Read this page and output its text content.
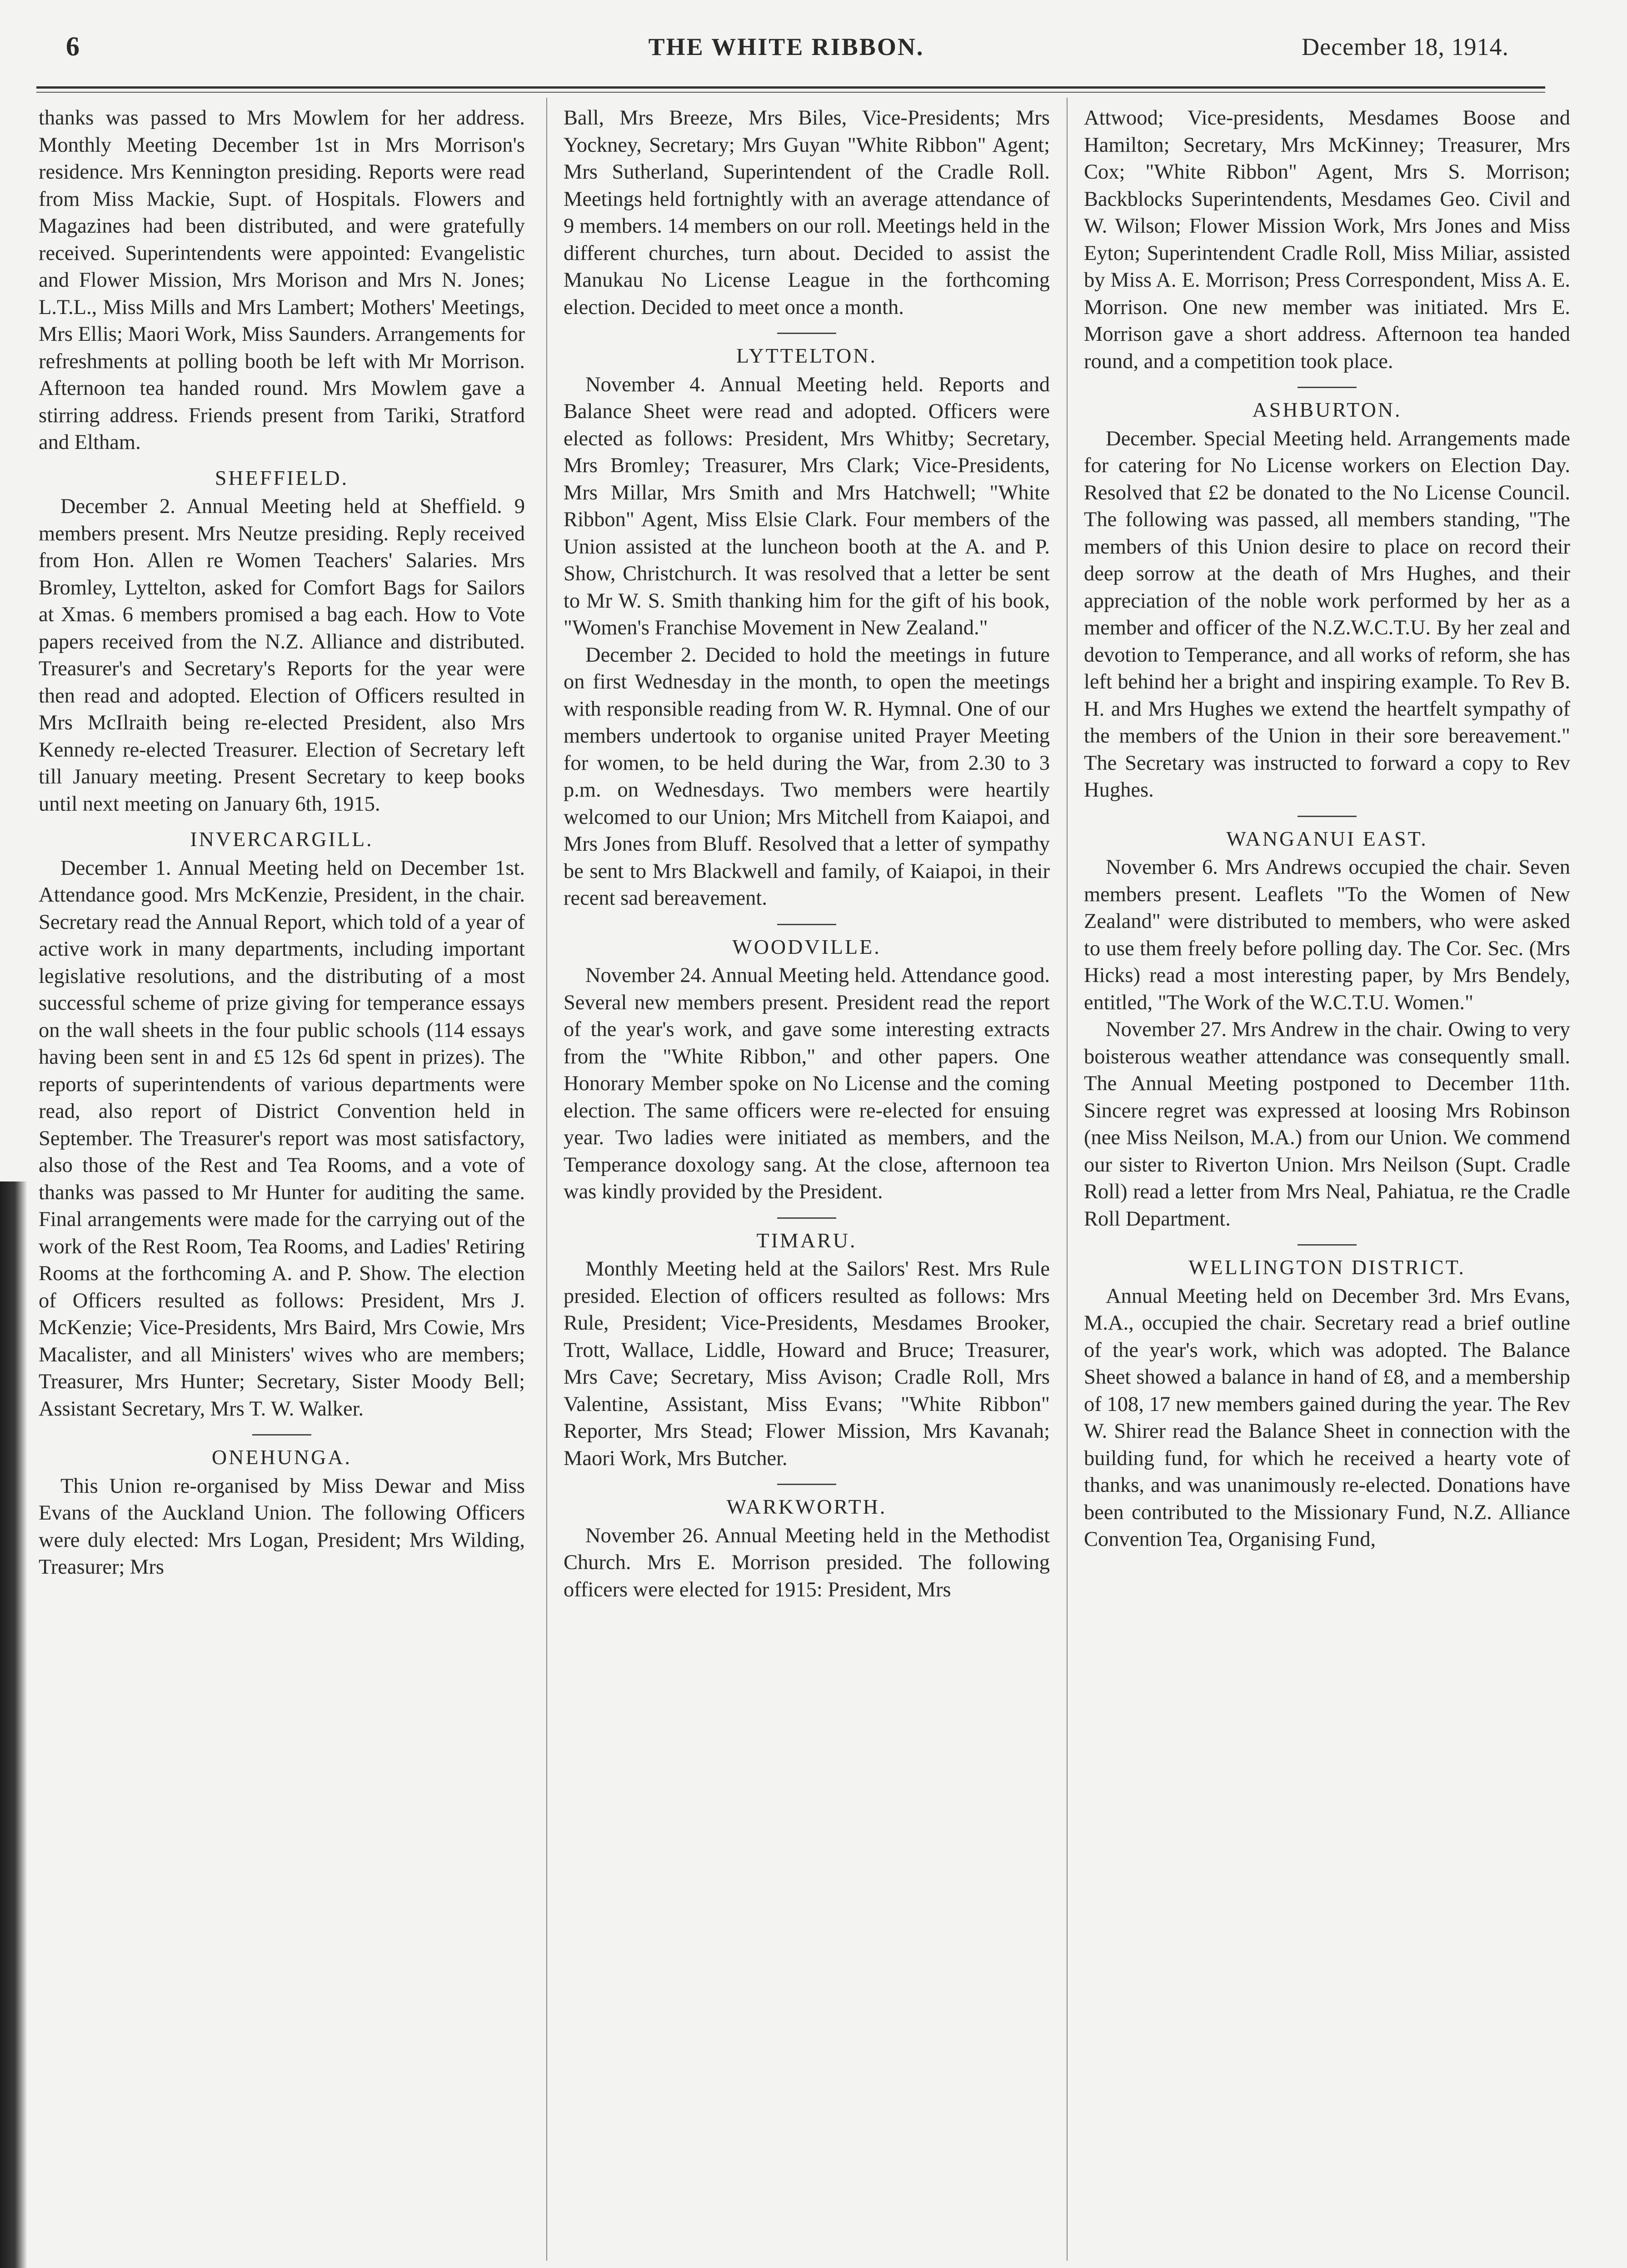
6	THE WHITE RIBBON.	December 18, 1914.

thanks was passed to Mrs Mowlem for her address. Monthly Meeting December 1st in Mrs Morrison's residence. Mrs Kennington presiding. Reports were read from Miss Mackie, Supt. of Hospitals. Flowers and Magazines had been distributed, and were gratefully received. Superintendents were appointed: Evangelistic and Flower Mission, Mrs Morison and Mrs N. Jones; L.T.L., Miss Mills and Mrs Lambert; Mothers' Meetings, Mrs Ellis; Maori Work, Miss Saunders. Arrangements for refreshments at polling booth be left with Mr Morrison. Afternoon tea handed round. Mrs Mowlem gave a stirring address. Friends present from Tariki, Stratford and Eltham.

SHEFFIELD.

December 2. Annual Meeting held at Sheffield. 9 members present. Mrs Neutze presiding. Reply received from Hon. Allen re Women Teachers' Salaries. Mrs Bromley, Lyttelton, asked for Comfort Bags for Sailors at Xmas. 6 members promised a bag each. How to Vote papers received from the N.Z. Alliance and distributed. Treasurer's and Secretary's Reports for the year were then read and adopted. Election of Officers resulted in Mrs McIlraith being re-elected President, also Mrs Kennedy re-elected Treasurer. Election of Secretary left till January meeting. Present Secretary to keep books until next meeting on January 6th, 1915.

INVERCARGILL.

December 1. Annual Meeting held on December 1st. Attendance good. Mrs McKenzie, President, in the chair. Secretary read the Annual Report, which told of a year of active work in many departments, including important legislative resolutions, and the distributing of a most successful scheme of prize giving for temperance essays on the wall sheets in the four public schools (114 essays having been sent in and £5 12s 6d spent in prizes). The reports of superintendents of various departments were read, also report of District Convention held in September. The Treasurer's report was most satisfactory, also those of the Rest and Tea Rooms, and a vote of thanks was passed to Mr Hunter for auditing the same. Final arrangements were made for the carrying out of the work of the Rest Room, Tea Rooms, and Ladies' Retiring Rooms at the forthcoming A. and P. Show. The election of Officers resulted as follows: President, Mrs J. McKenzie; Vice-Presidents, Mrs Baird, Mrs Cowie, Mrs Macalister, and all Ministers' wives who are members; Treasurer, Mrs Hunter; Secretary, Sister Moody Bell; Assistant Secretary, Mrs T. W. Walker.

ONEHUNGA.

This Union re-organised by Miss Dewar and Miss Evans of the Auckland Union. The following Officers were duly elected: Mrs Logan, President; Mrs Wilding, Treasurer; Mrs

Ball, Mrs Breeze, Mrs Biles, Vice-Presidents; Mrs Yockney, Secretary; Mrs Guyan "White Ribbon" Agent; Mrs Sutherland, Superintendent of the Cradle Roll. Meetings held fortnightly with an average attendance of 9 members. 14 members on our roll. Meetings held in the different churches, turn about. Decided to assist the Manukau No License League in the forthcoming election. Decided to meet once a month.

LYTTELTON.

November 4. Annual Meeting held. Reports and Balance Sheet were read and adopted. Officers were elected as follows: President, Mrs Whitby; Secretary, Mrs Bromley; Treasurer, Mrs Clark; Vice-Presidents, Mrs Millar, Mrs Smith and Mrs Hatchwell; "White Ribbon" Agent, Miss Elsie Clark. Four members of the Union assisted at the luncheon booth at the A. and P. Show, Christchurch. It was resolved that a letter be sent to Mr W. S. Smith thanking him for the gift of his book, "Women's Franchise Movement in New Zealand."

December 2. Decided to hold the meetings in future on first Wednesday in the month, to open the meetings with responsible reading from W. R. Hymnal. One of our members undertook to organise united Prayer Meeting for women, to be held during the War, from 2.30 to 3 p.m. on Wednesdays. Two members were heartily welcomed to our Union; Mrs Mitchell from Kaiapoi, and Mrs Jones from Bluff. Resolved that a letter of sympathy be sent to Mrs Blackwell and family, of Kaiapoi, in their recent sad bereavement.

WOODVILLE.

November 24. Annual Meeting held. Attendance good. Several new members present. President read the report of the year's work, and gave some interesting extracts from the "White Ribbon," and other papers. One Honorary Member spoke on No License and the coming election. The same officers were re-elected for ensuing year. Two ladies were initiated as members, and the Temperance doxology sang. At the close, afternoon tea was kindly provided by the President.

TIMARU.

Monthly Meeting held at the Sailors' Rest. Mrs Rule presided. Election of officers resulted as follows: Mrs Rule, President; Vice-Presidents, Mesdames Brooker, Trott, Wallace, Liddle, Howard and Bruce; Treasurer, Mrs Cave; Secretary, Miss Avison; Cradle Roll, Mrs Valentine, Assistant, Miss Evans; "White Ribbon" Reporter, Mrs Stead; Flower Mission, Mrs Kavanah; Maori Work, Mrs Butcher.

WARKWORTH.

November 26. Annual Meeting held in the Methodist Church. Mrs E. Morrison presided. The following officers were elected for 1915: President, Mrs

Attwood; Vice-presidents, Mesdames Boose and Hamilton; Secretary, Mrs McKinney; Treasurer, Mrs Cox; "White Ribbon" Agent, Mrs S. Morrison; Backblocks Superintendents, Mesdames Geo. Civil and W. Wilson; Flower Mission Work, Mrs Jones and Miss Eyton; Superintendent Cradle Roll, Miss Miliar, assisted by Miss A. E. Morrison; Press Correspondent, Miss A. E. Morrison. One new member was initiated. Mrs E. Morrison gave a short address. Afternoon tea handed round, and a competition took place.

ASHBURTON.

December. Special Meeting held. Arrangements made for catering for No License workers on Election Day. Resolved that £2 be donated to the No License Council. The following was passed, all members standing, "The members of this Union desire to place on record their deep sorrow at the death of Mrs Hughes, and their appreciation of the noble work performed by her as a member and officer of the N.Z.W.C.T.U. By her zeal and devotion to Temperance, and all works of reform, she has left behind her a bright and inspiring example. To Rev B. H. and Mrs Hughes we extend the heartfelt sympathy of the members of the Union in their sore bereavement." The Secretary was instructed to forward a copy to Rev Hughes.

WANGANUI EAST.

November 6. Mrs Andrews occupied the chair. Seven members present. Leaflets "To the Women of New Zealand" were distributed to members, who were asked to use them freely before polling day. The Cor. Sec. (Mrs Hicks) read a most interesting paper, by Mrs Bendely, entitled, "The Work of the W.C.T.U. Women."

November 27. Mrs Andrew in the chair. Owing to very boisterous weather attendance was consequently small. The Annual Meeting postponed to December 11th. Sincere regret was expressed at loosing Mrs Robinson (nee Miss Neilson, M.A.) from our Union. We commend our sister to Riverton Union. Mrs Neilson (Supt. Cradle Roll) read a letter from Mrs Neal, Pahiatua, re the Cradle Roll Department.

WELLINGTON DISTRICT.

Annual Meeting held on December 3rd. Mrs Evans, M.A., occupied the chair. Secretary read a brief outline of the year's work, which was adopted. The Balance Sheet showed a balance in hand of £8, and a membership of 108, 17 new members gained during the year. The Rev W. Shirer read the Balance Sheet in connection with the building fund, for which he received a hearty vote of thanks, and was unanimously re-elected. Donations have been contributed to the Missionary Fund, N.Z. Alliance Convention Tea, Organising Fund,
